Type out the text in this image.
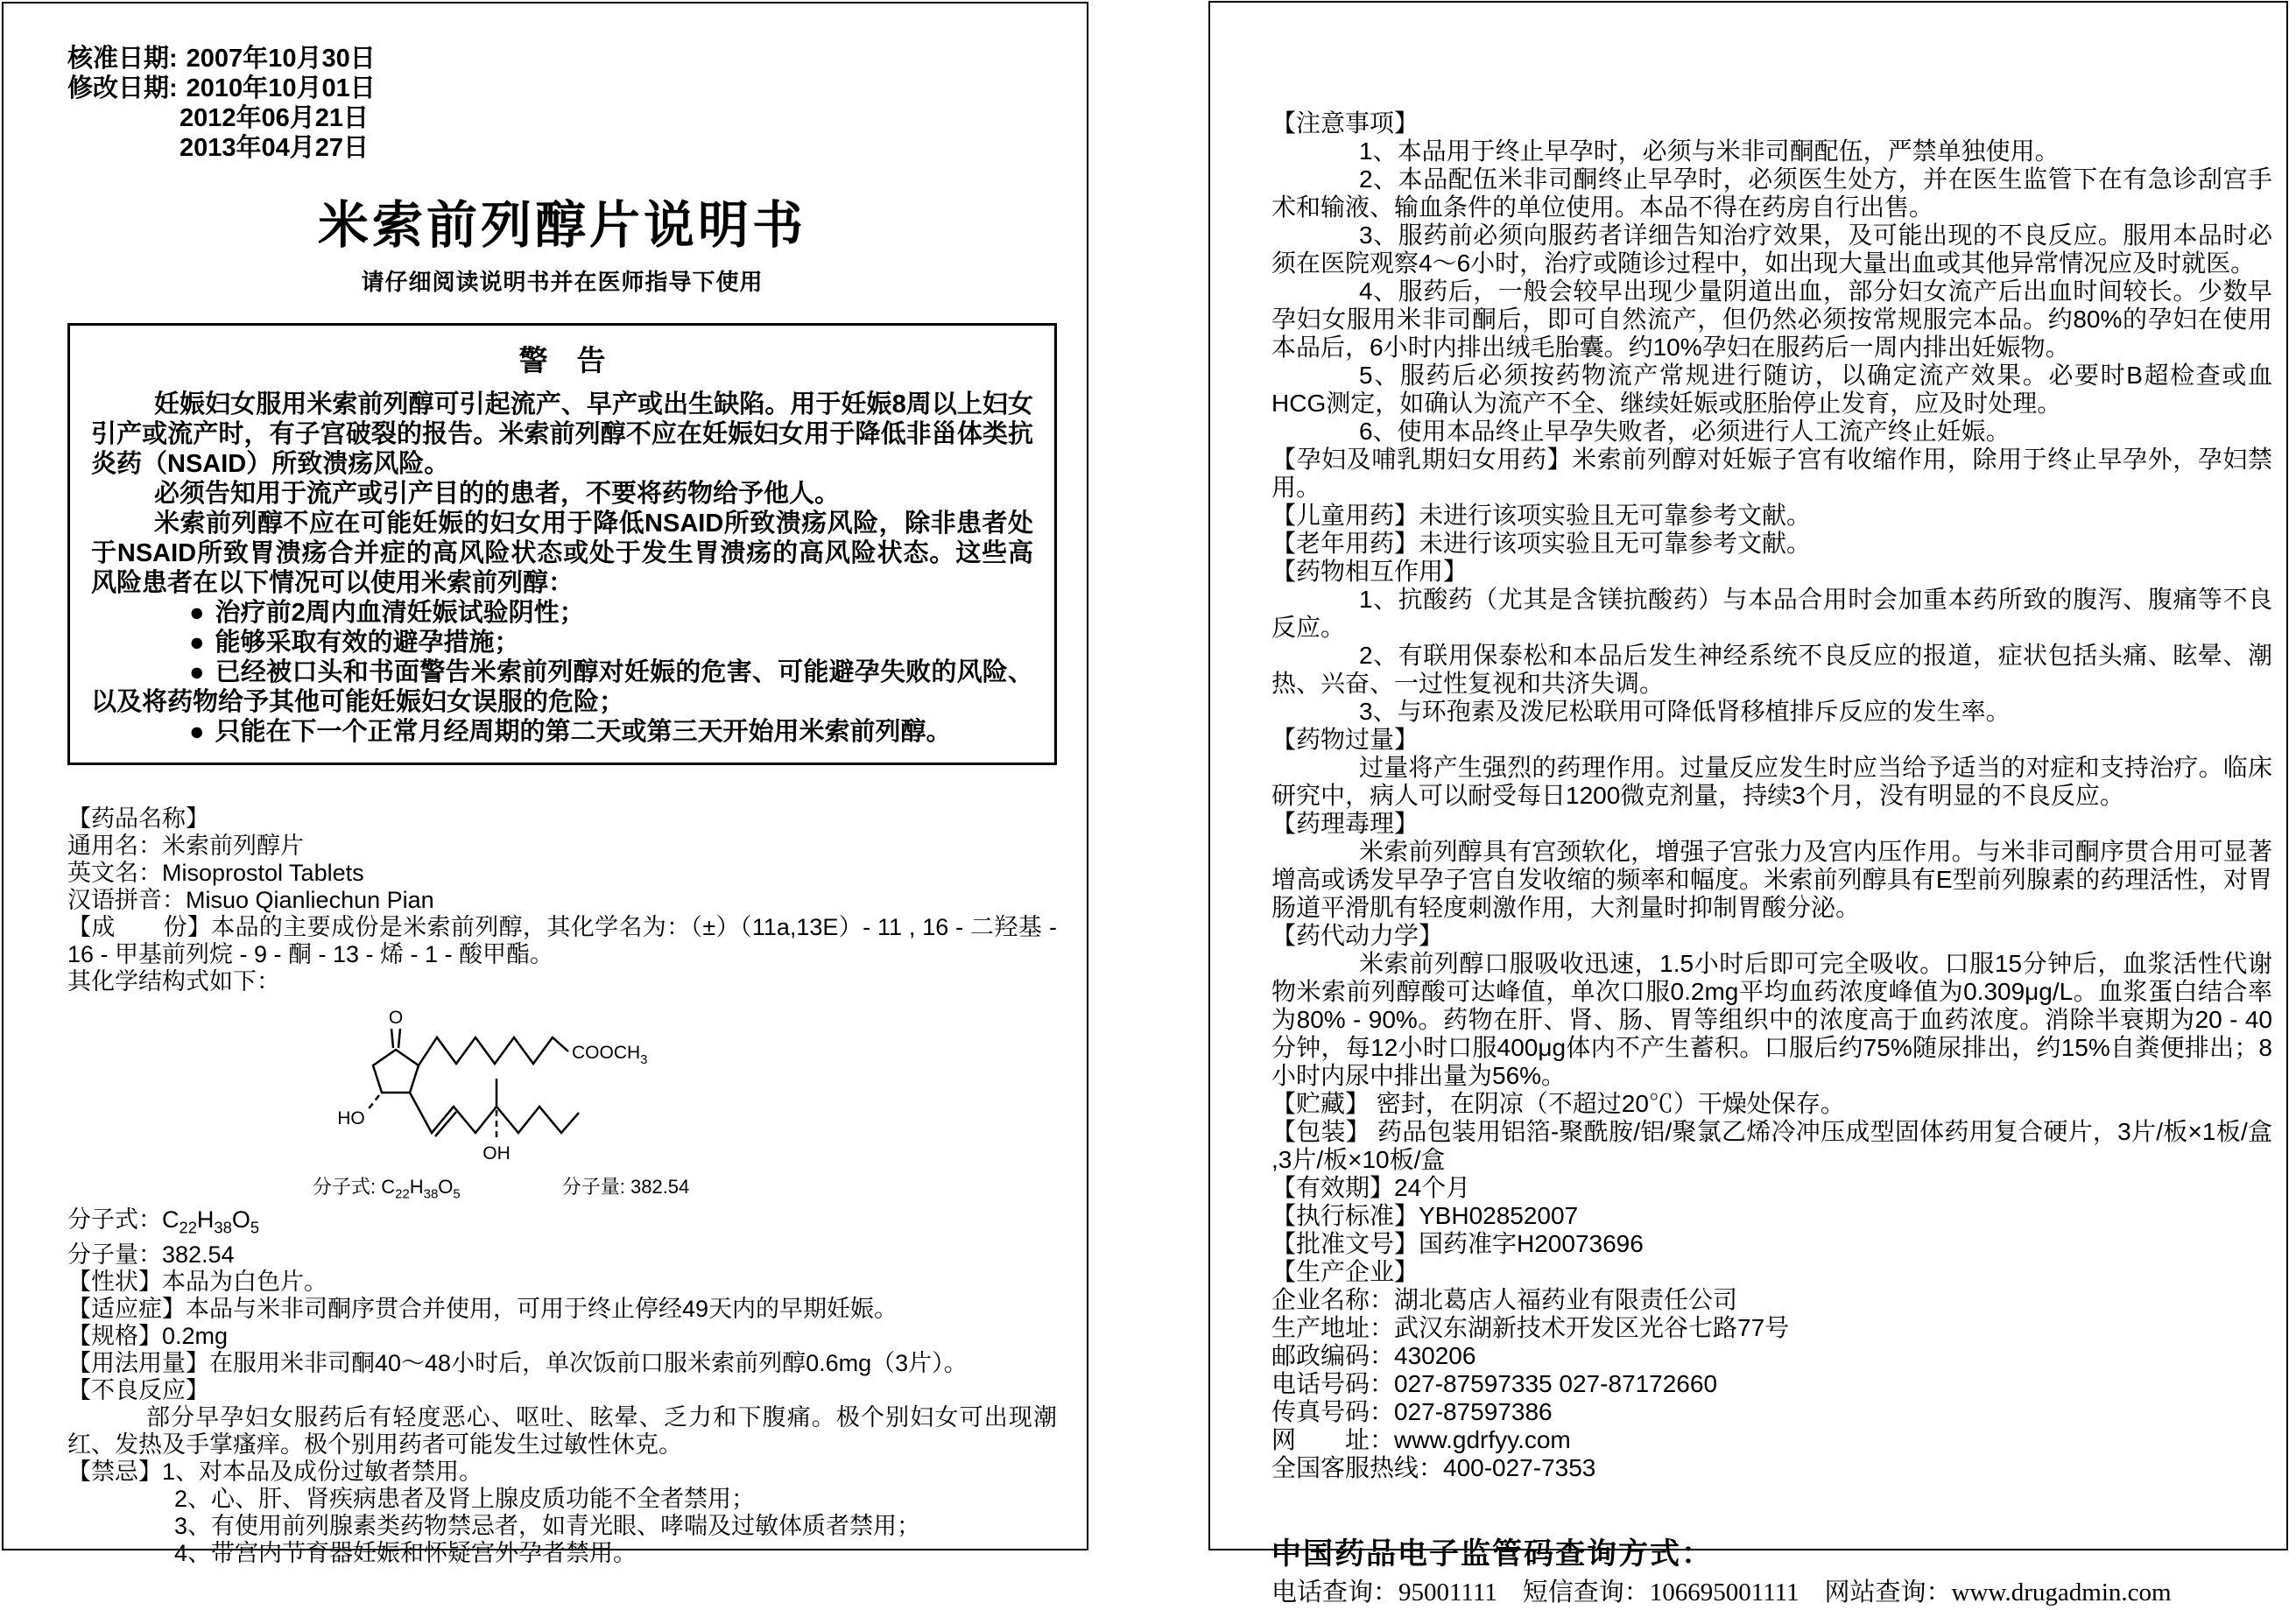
核准日期: 2007年10月30日

修改日期: 2010年10月01日

2012年06月21日

2013年04月27日

米索前列醇片说明书

请仔细阅读说明书并在医师指导下使用

警　告

妊娠妇女服用米索前列醇可引起流产、早产或出生缺陷。用于妊娠8周以上妇女引产或流产时，有子宫破裂的报告。米索前列醇不应在妊娠妇女用于降低非甾体类抗炎药（NSAID）所致溃疡风险。

必须告知用于流产或引产目的的患者，不要将药物给予他人。

米索前列醇不应在可能妊娠的妇女用于降低NSAID所致溃疡风险，除非患者处于NSAID所致胃溃疡合并症的高风险状态或处于发生胃溃疡的高风险状态。这些高风险患者在以下情况可以使用米索前列醇：

● 治疗前2周内血清妊娠试验阴性；

● 能够采取有效的避孕措施；

● 已经被口头和书面警告米索前列醇对妊娠的危害、可能避孕失败的风险、以及将药物给予其他可能妊娠妇女误服的危险；

● 只能在下一个正常月经周期的第二天或第三天开始用米索前列醇。

【药品名称】

通用名：米索前列醇片

英文名：Misoprostol Tablets

汉语拼音：Misuo Qianliechun Pian

【成　　份】本品的主要成份是米索前列醇，其化学名为：（±）（11a,13E）- 11 , 16 - 二羟基 - 16 - 甲基前列烷 - 9 - 酮 - 13 - 烯 - 1 - 酸甲酯。

其化学结构式如下：

O
HO
$COOCH_3$
OH
分子式: $C_{22}H_{38}O_5$	分子量: 382.54

分子式：$C_{22}H_{38}O_5$

分子量：382.54

【性状】本品为白色片。

【适应症】本品与米非司酮序贯合并使用，可用于终止停经49天内的早期妊娠。

【规格】0.2mg

【用法用量】在服用米非司酮40～48小时后，单次饭前口服米索前列醇0.6mg（3片）。

【不良反应】

部分早孕妇女服药后有轻度恶心、呕吐、眩晕、乏力和下腹痛。极个别妇女可出现潮红、发热及手掌瘙痒。极个别用药者可能发生过敏性休克。

【禁忌】1、对本品及成份过敏者禁用。

2、心、肝、肾疾病患者及肾上腺皮质功能不全者禁用；

3、有使用前列腺素类药物禁忌者，如青光眼、哮喘及过敏体质者禁用；

4、带宫内节育器妊娠和怀疑宫外孕者禁用。

【注意事项】

1、本品用于终止早孕时，必须与米非司酮配伍，严禁单独使用。

2、本品配伍米非司酮终止早孕时，必须医生处方，并在医生监管下在有急诊刮宫手术和输液、输血条件的单位使用。本品不得在药房自行出售。

3、服药前必须向服药者详细告知治疗效果，及可能出现的不良反应。服用本品时必须在医院观察4～6小时，治疗或随诊过程中，如出现大量出血或其他异常情况应及时就医。

4、服药后，一般会较早出现少量阴道出血，部分妇女流产后出血时间较长。少数早孕妇女服用米非司酮后，即可自然流产，但仍然必须按常规服完本品。约80%的孕妇在使用本品后，6小时内排出绒毛胎囊。约10%孕妇在服药后一周内排出妊娠物。

5、服药后必须按药物流产常规进行随访，以确定流产效果。必要时B超检查或血HCG测定，如确认为流产不全、继续妊娠或胚胎停止发育，应及时处理。

6、使用本品终止早孕失败者，必须进行人工流产终止妊娠。

【孕妇及哺乳期妇女用药】米索前列醇对妊娠子宫有收缩作用，除用于终止早孕外，孕妇禁用。

【儿童用药】未进行该项实验且无可靠参考文献。

【老年用药】未进行该项实验且无可靠参考文献。

【药物相互作用】

1、抗酸药（尤其是含镁抗酸药）与本品合用时会加重本药所致的腹泻、腹痛等不良反应。

2、有联用保泰松和本品后发生神经系统不良反应的报道，症状包括头痛、眩晕、潮热、兴奋、一过性复视和共济失调。

3、与环孢素及泼尼松联用可降低肾移植排斥反应的发生率。

【药物过量】

过量将产生强烈的药理作用。过量反应发生时应当给予适当的对症和支持治疗。临床研究中，病人可以耐受每日1200微克剂量，持续3个月，没有明显的不良反应。

【药理毒理】

米索前列醇具有宫颈软化，增强子宫张力及宫内压作用。与米非司酮序贯合用可显著增高或诱发早孕子宫自发收缩的频率和幅度。米索前列醇具有E型前列腺素的药理活性，对胃肠道平滑肌有轻度刺激作用，大剂量时抑制胃酸分泌。

【药代动力学】

米索前列醇口服吸收迅速，1.5小时后即可完全吸收。口服15分钟后，血浆活性代谢物米索前列醇酸可达峰值，单次口服0.2mg平均血药浓度峰值为0.309μg/L。血浆蛋白结合率为80% - 90%。药物在肝、肾、肠、胃等组织中的浓度高于血药浓度。消除半衰期为20 - 40分钟，每12小时口服400μg体内不产生蓄积。口服后约75%随尿排出，约15%自粪便排出；8小时内尿中排出量为56%。

【贮藏】 密封，在阴凉（不超过20℃）干燥处保存。

【包装】 药品包装用铝箔-聚酰胺/铝/聚氯乙烯冷冲压成型固体药用复合硬片，3片/板×1板/盒 ,3片/板×10板/盒

【有效期】24个月

【执行标准】YBH02852007

【批准文号】国药准字H20073696

【生产企业】

企业名称：湖北葛店人福药业有限责任公司

生产地址：武汉东湖新技术开发区光谷七路77号

邮政编码：430206

电话号码：027-87597335 027-87172660

传真号码：027-87597386

网　　址：www.gdrfyy.com

全国客服热线：400-027-7353

中国药品电子监管码查询方式：

电话查询：95001111　短信查询：106695001111　网站查询：www.drugadmin.com
